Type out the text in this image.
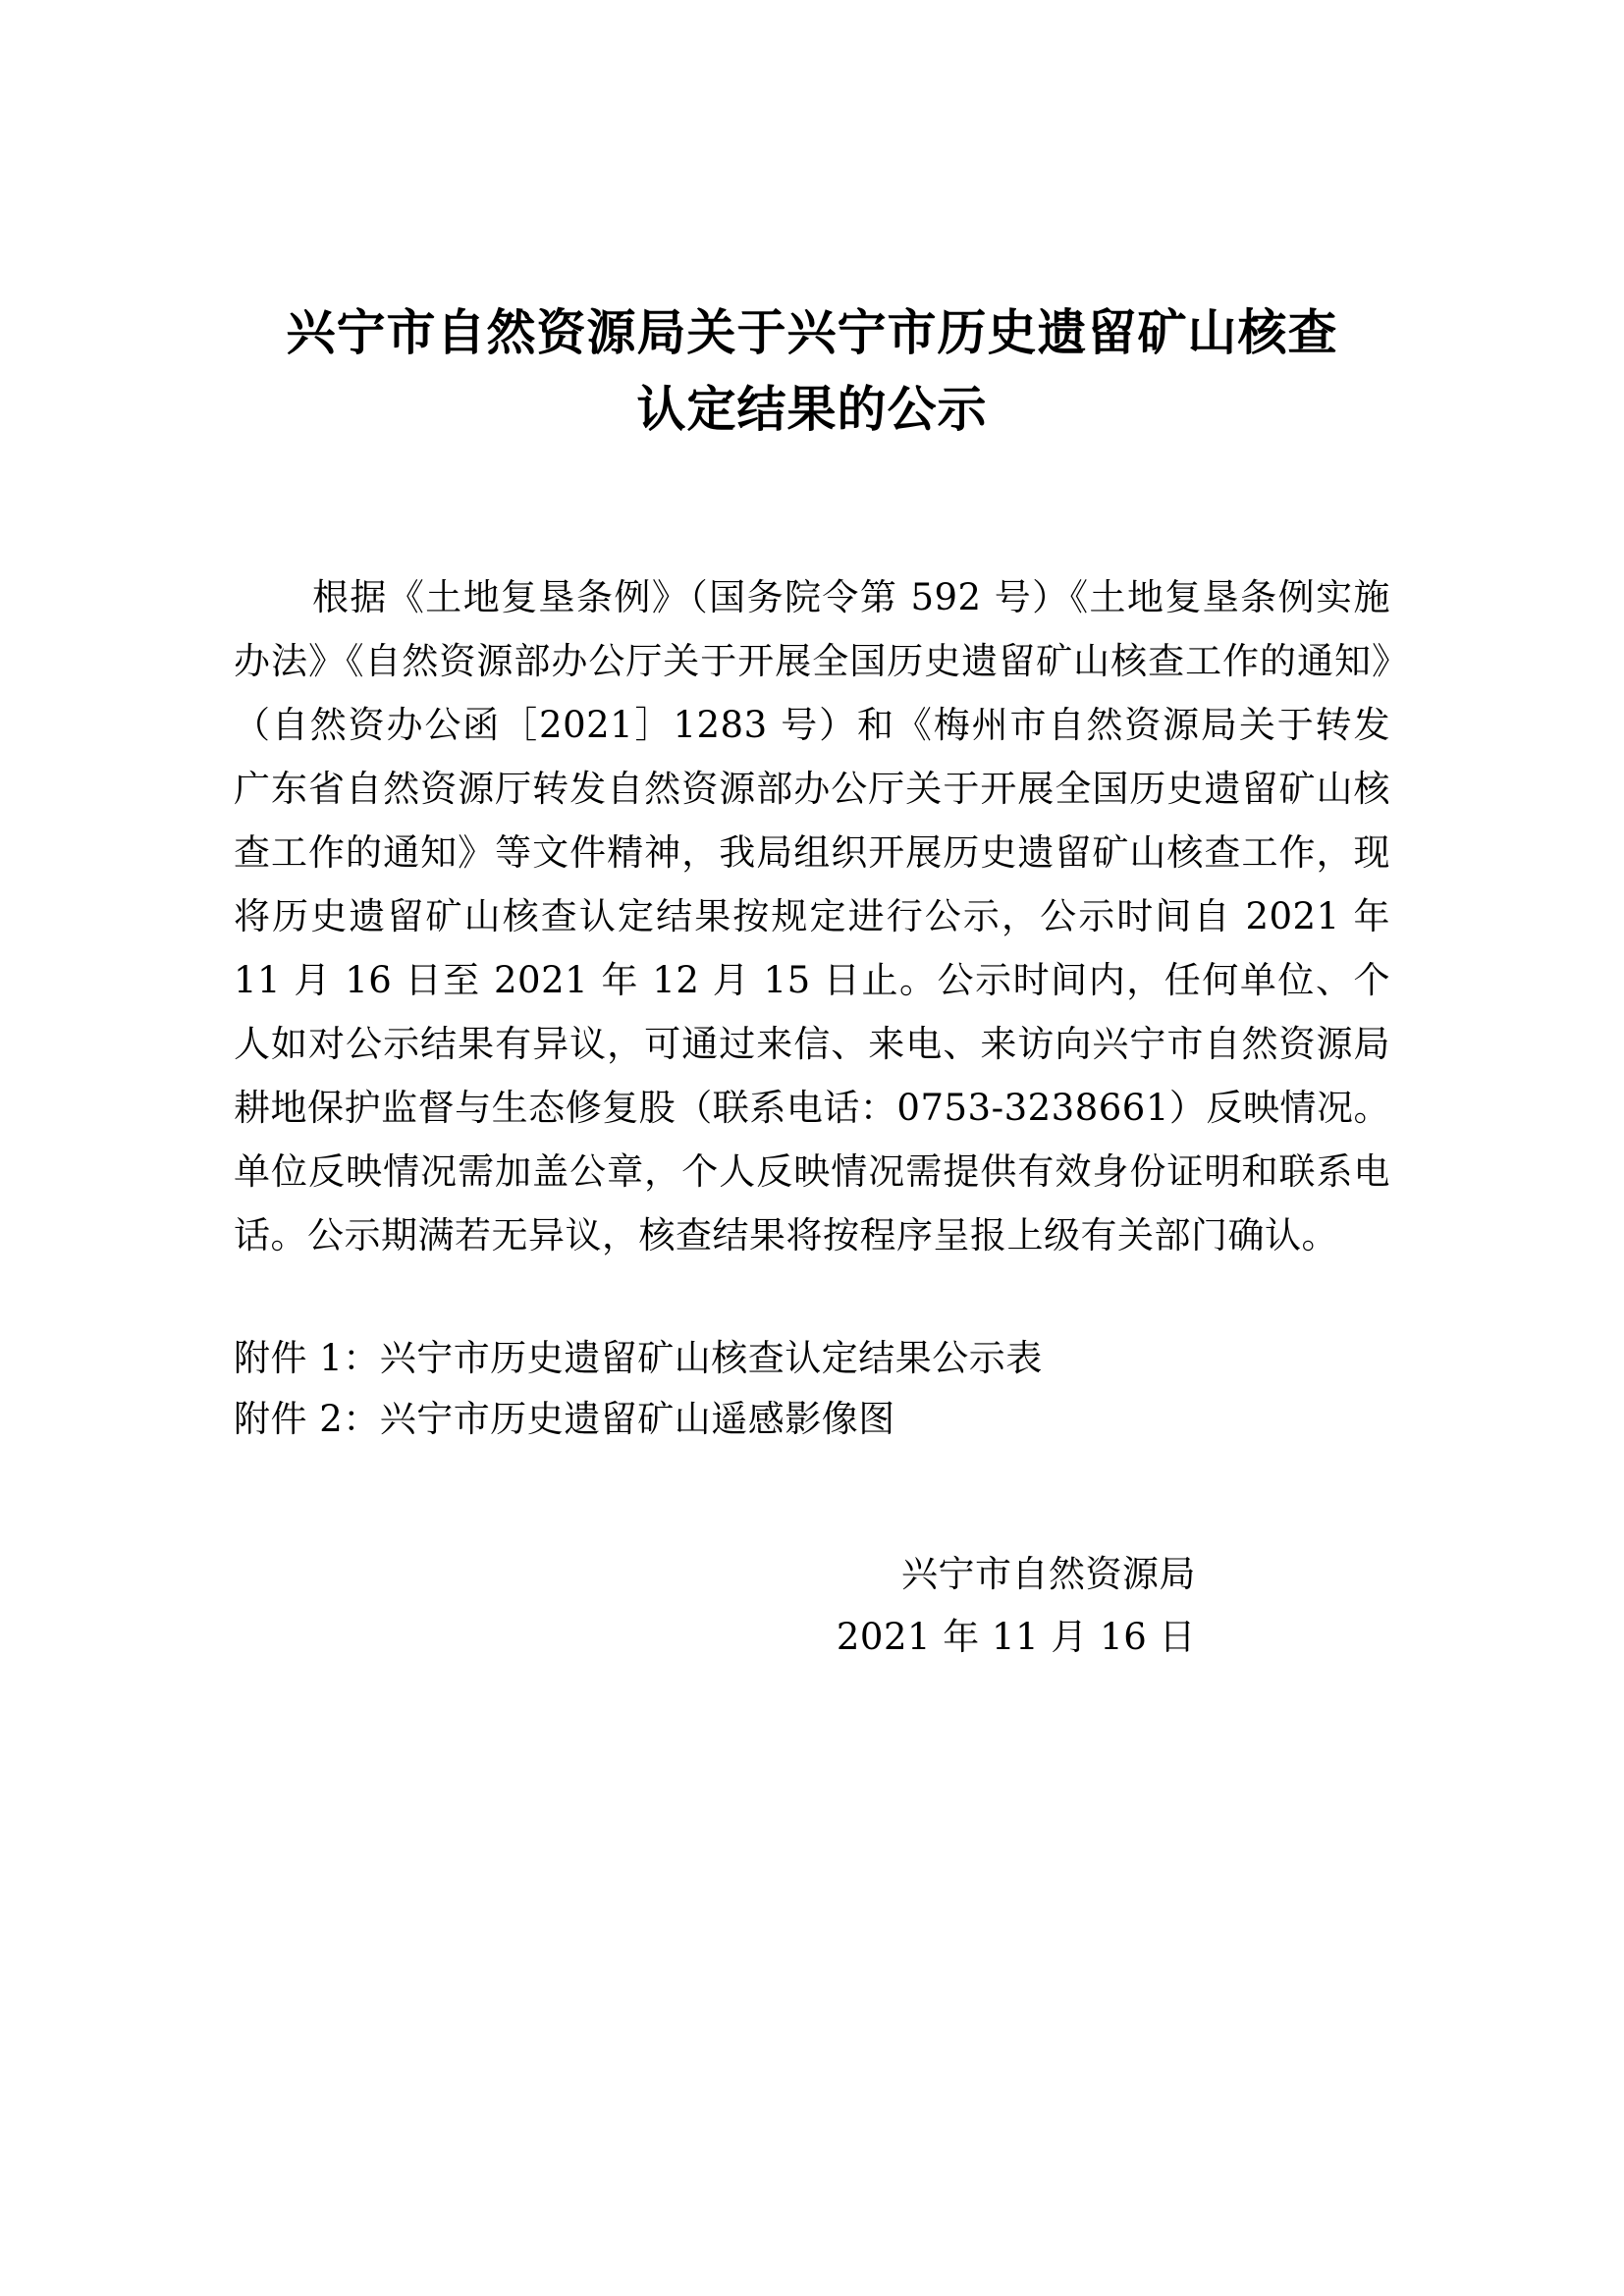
兴宁市自然资源局关于兴宁市历史遗留矿山核查认定结果的公示

根据《土地复垦条例》（国务院令第 592 号）《土地复垦条例实施办法》《自然资源部办公厅关于开展全国历史遗留矿山核查工作的通知》（自然资办公函［2021］1283 号）和《梅州市自然资源局关于转发广东省自然资源厅转发自然资源部办公厅关于开展全国历史遗留矿山核查工作的通知》等文件精神，我局组织开展历史遗留矿山核查工作，现将历史遗留矿山核查认定结果按规定进行公示，公示时间自 2021 年 11 月 16 日至 2021 年 12 月 15 日止。公示时间内，任何单位、个人如对公示结果有异议，可通过来信、来电、来访向兴宁市自然资源局耕地保护监督与生态修复股（联系电话：0753-3238661）反映情况。单位反映情况需加盖公章，个人反映情况需提供有效身份证明和联系电话。公示期满若无异议，核查结果将按程序呈报上级有关部门确认。

附件 1：兴宁市历史遗留矿山核查认定结果公示表

附件 2：兴宁市历史遗留矿山遥感影像图

兴宁市自然资源局

2021 年 11 月 16 日
